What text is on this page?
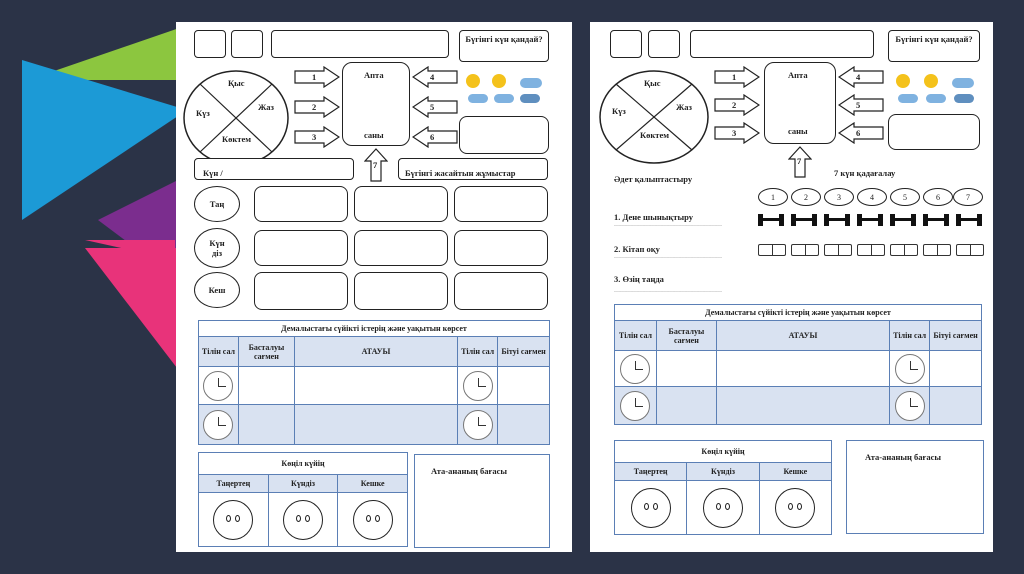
Бүгінгі күн қандай?
Қыс
Күз
Жаз
Көктем
1
2
3
Апта
саны
4
5
6
7
Күн /	Бүгінгі жасайтын жұмыстар
Таң
Күн діз
Кеш
Демалыстағы сүйікті істерің және уақытын көрсет				
Тілін сал	Басталуы сағмен	АТАУЫ	Тілін сал	Бітуі сағмен

Көңіл күйің		
Таңертең	Күндіз	Кешке

Ата-ананың бағасы
Бүгінгі күн қандай?
Қыс
Күз	Жаз
Көктем
1
2
3
Апта
саны
4
5
6
7
Әдет қалыптастыру
7 күн қадағалау
1	2	3	4	5	6	7
1. Дене шынықтыру
………………………………………………
2. Кітап оқу
………………………………………………
3. Өзің таңда
………………………………………………
Демалыстағы сүйікті істерің және уақытын көрсет				
Тілін сал	Басталуы сағмен	АТАУЫ	Тілін сал	Бітуі сағмен

Көңіл күйің		
Таңертең	Күндіз	Кешке

Ата-ананың бағасы
